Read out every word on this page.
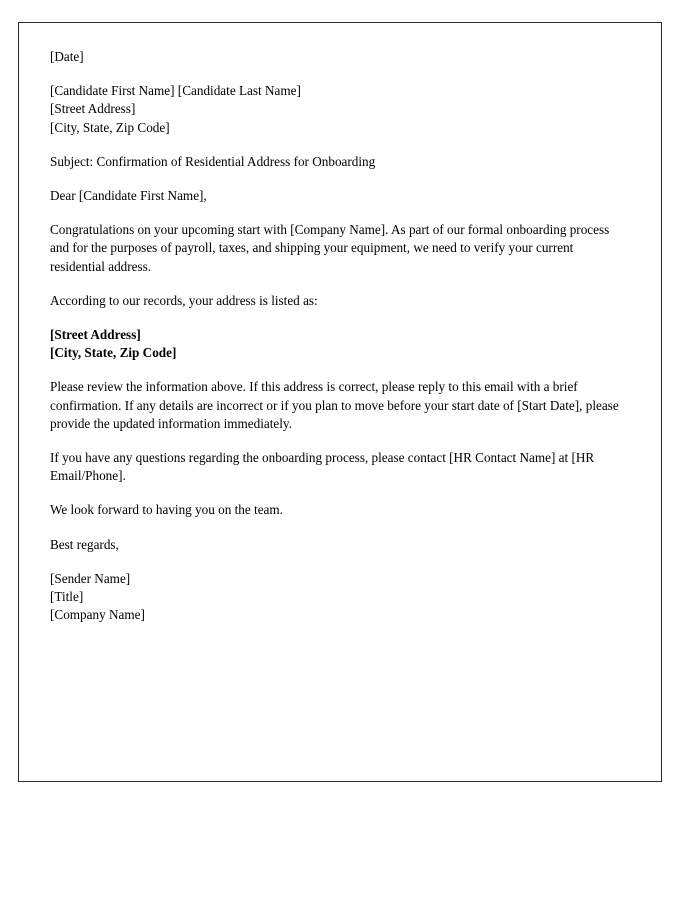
[Date]
[Candidate First Name] [Candidate Last Name]
[Street Address]
[City, State, Zip Code]
Subject: Confirmation of Residential Address for Onboarding
Dear [Candidate First Name],

Congratulations on your upcoming start with [Company Name]. As part of our formal onboarding process and for the purposes of payroll, taxes, and shipping your equipment, we need to verify your current residential address.

According to our records, your address is listed as:

[Street Address]
[City, State, Zip Code]

Please review the information above. If this address is correct, please reply to this email with a brief confirmation. If any details are incorrect or if you plan to move before your start date of [Start Date], please provide the updated information immediately.

If you have any questions regarding the onboarding process, please contact [HR Contact Name] at [HR Email/Phone].

We look forward to having you on the team.

Best regards,
[Sender Name]
[Title]
[Company Name]
